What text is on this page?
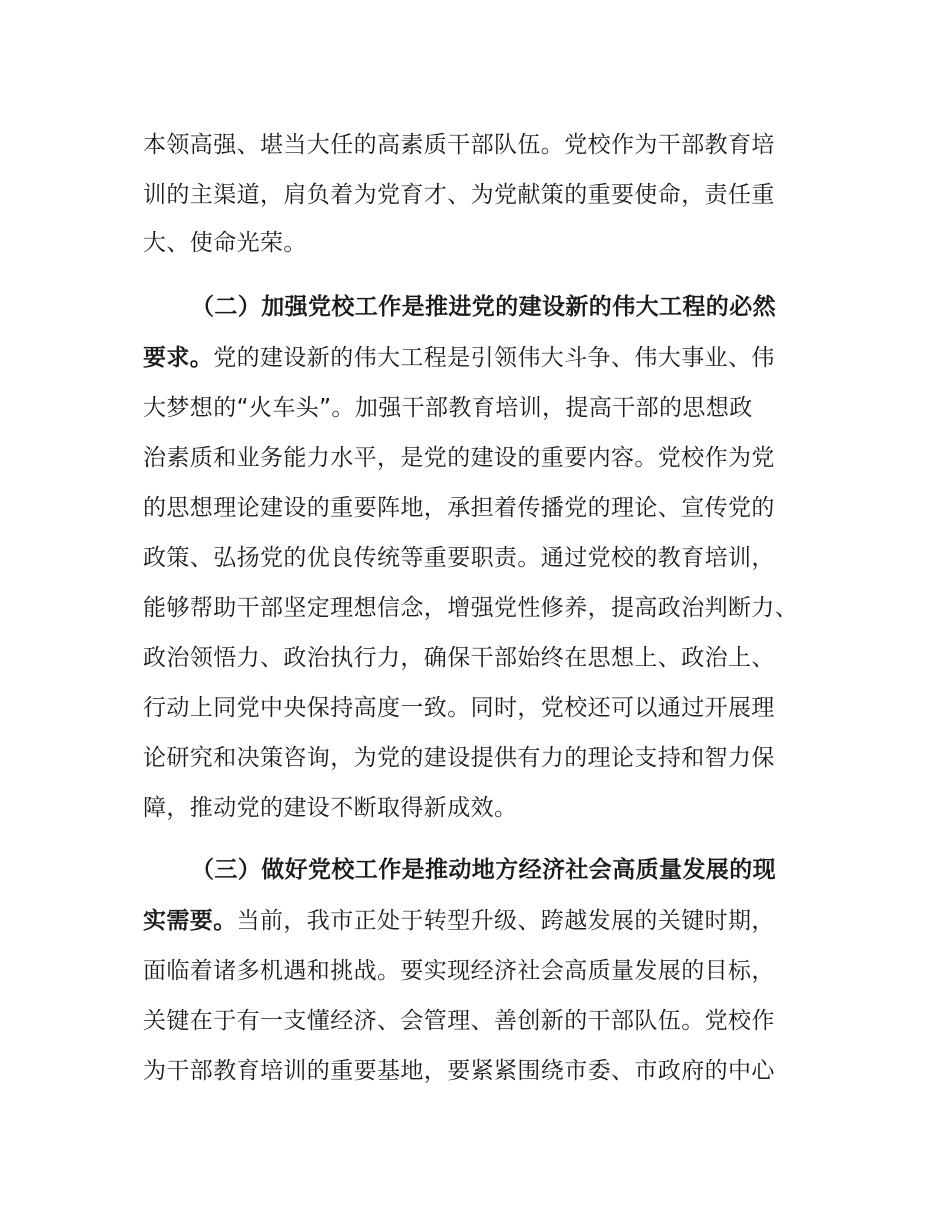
本领高强、堪当大任的高素质干部队伍。党校作为干部教育培
训的主渠道，肩负着为党育才、为党献策的重要使命，责任重
大、使命光荣。
（二）加强党校工作是推进党的建设新的伟大工程的必然
要求。党的建设新的伟大工程是引领伟大斗争、伟大事业、伟
大梦想的“火车头”。加强干部教育培训，提高干部的思想政
治素质和业务能力水平，是党的建设的重要内容。党校作为党
的思想理论建设的重要阵地，承担着传播党的理论、宣传党的
政策、弘扬党的优良传统等重要职责。通过党校的教育培训，
能够帮助干部坚定理想信念，增强党性修养，提高政治判断力、
政治领悟力、政治执行力，确保干部始终在思想上、政治上、
行动上同党中央保持高度一致。同时，党校还可以通过开展理
论研究和决策咨询，为党的建设提供有力的理论支持和智力保
障，推动党的建设不断取得新成效。
（三）做好党校工作是推动地方经济社会高质量发展的现
实需要。当前，我市正处于转型升级、跨越发展的关键时期，
面临着诸多机遇和挑战。要实现经济社会高质量发展的目标，
关键在于有一支懂经济、会管理、善创新的干部队伍。党校作
为干部教育培训的重要基地，要紧紧围绕市委、市政府的中心
